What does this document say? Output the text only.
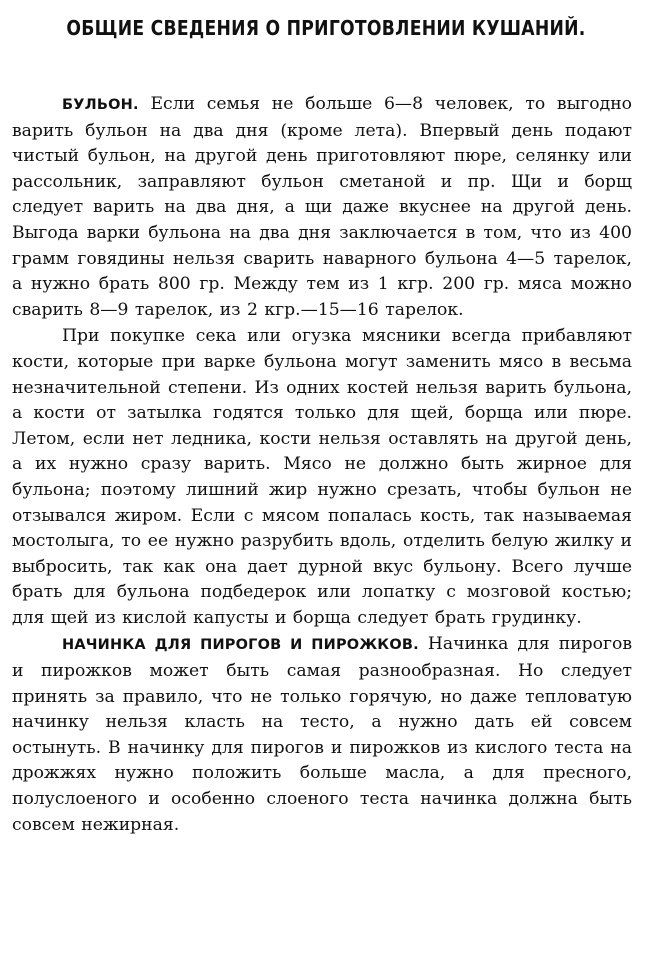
ОБЩИЕ СВЕДЕНИЯ О ПРИГОТОВЛЕНИИ КУШАНИЙ.

БУЛЬОН. Если семья не больше 6—8 человек, то выгодно варить бульон на два дня (кроме лета). Впервый день подают чистый бульон, на другой день приготовляют пюре, селянку или рассольник, заправляют бульон сметаной и пр. Щи и борщ следует варить на два дня, а щи даже вкуснее на другой день. Выгода варки бульона на два дня заключается в том, что из 400 грамм говядины нельзя сварить наварного бульона 4—5 тарелок, а нужно брать 800 гр. Между тем из 1 кгр. 200 гр. мяса можно сварить 8—9 тарелок, из 2 кгр.—15—16 тарелок.

При покупке сека или огузка мясники всегда прибавляют кости, которые при варке бульона могут заменить мясо в весьма незначительной степени. Из одних костей нельзя варить бульона, а кости от затылка годятся только для щей, борща или пюре. Летом, если нет ледника, кости нельзя оставлять на другой день, а их нужно сразу варить. Мясо не должно быть жирное для бульона; поэтому лишний жир нужно срезать, чтобы бульон не отзывался жиром. Если с мясом попалась кость, так называемая мостолыга, то ее нужно разрубить вдоль, отделить белую жилку и выбросить, так как она дает дурной вкус бульону. Всего лучше брать для бульона подбедерок или лопатку с мозговой костью; для щей из кислой капусты и борща следует брать грудинку.

НАЧИНКА ДЛЯ ПИРОГОВ И ПИРОЖКОВ. Начинка для пирогов и пирожков может быть самая разнообразная. Но следует принять за правило, что не только горячую, но даже тепловатую начинку нельзя класть на тесто, а нужно дать ей совсем остынуть. В начинку для пирогов и пирожков из кислого теста на дрожжях нужно положить больше масла, а для пресного, полуслоеного и особенно слоеного теста начинка должна быть совсем нежирная.
